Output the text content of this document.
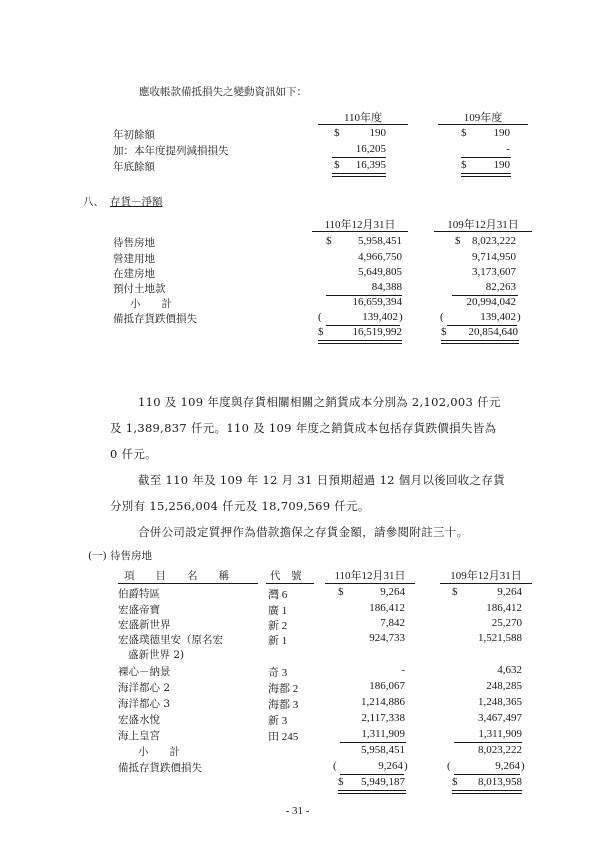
應收帳款備抵損失之變動資訊如下：
110年度	109年度
年初餘額	$	190	$	190
加：本年度提列減損損失	16,205	-
年底餘額	$	16,395	$	190
八、 存貨－淨額
110年12月31日	109年12月31日
待售房地	$	5,958,451	$	8,023,222
營建用地	4,966,750	9,714,950
在建房地	5,649,805	3,173,607
預付土地款	84,388	82,263
小　　計	16,659,394	20,994,042
備抵存貨跌價損失	(	139,402 )	(	139,402 )
$	16,519,992	$	20,854,640
110 及 109 年度與存貨相關相關之銷貨成本分別為 2,102,003 仟元
及 1,389,837 仟元。110 及 109 年度之銷貨成本包括存貨跌價損失皆為
0 仟元。
截至 110 年及 109 年 12 月 31 日預期超過 12 個月以後回收之存貨
分別有 15,256,004 仟元及 18,709,569 仟元。
合併公司設定質押作為借款擔保之存貨金額，請參閱附註三十。
(一) 待售房地
項　　目　　名　　稱	代　號	110年12月31日	109年12月31日
伯爵特區	灣 6	$	9,264	$	9,264
宏盛帝寶	廣 1	186,412	186,412
宏盛新世界	新 2	7,842	25,270
宏盛璞德里安（原名宏	新 1	924,733	1,521,588
盛新世界 2)
裸心－納景	奇 3	-	4,632
海洋都心 2	海都 2	186,067	248,285
海洋都心 3	海都 3	1,214,886	1,248,365
宏盛水悅	新 3	2,117,338	3,467,497
海上皇宮	田 245	1,311,909	1,311,909
小　　計	5,958,451	8,023,222
備抵存貨跌價損失	(	9,264 )	(	9,264 )
$	5,949,187	$	8,013,958
- 31 -
